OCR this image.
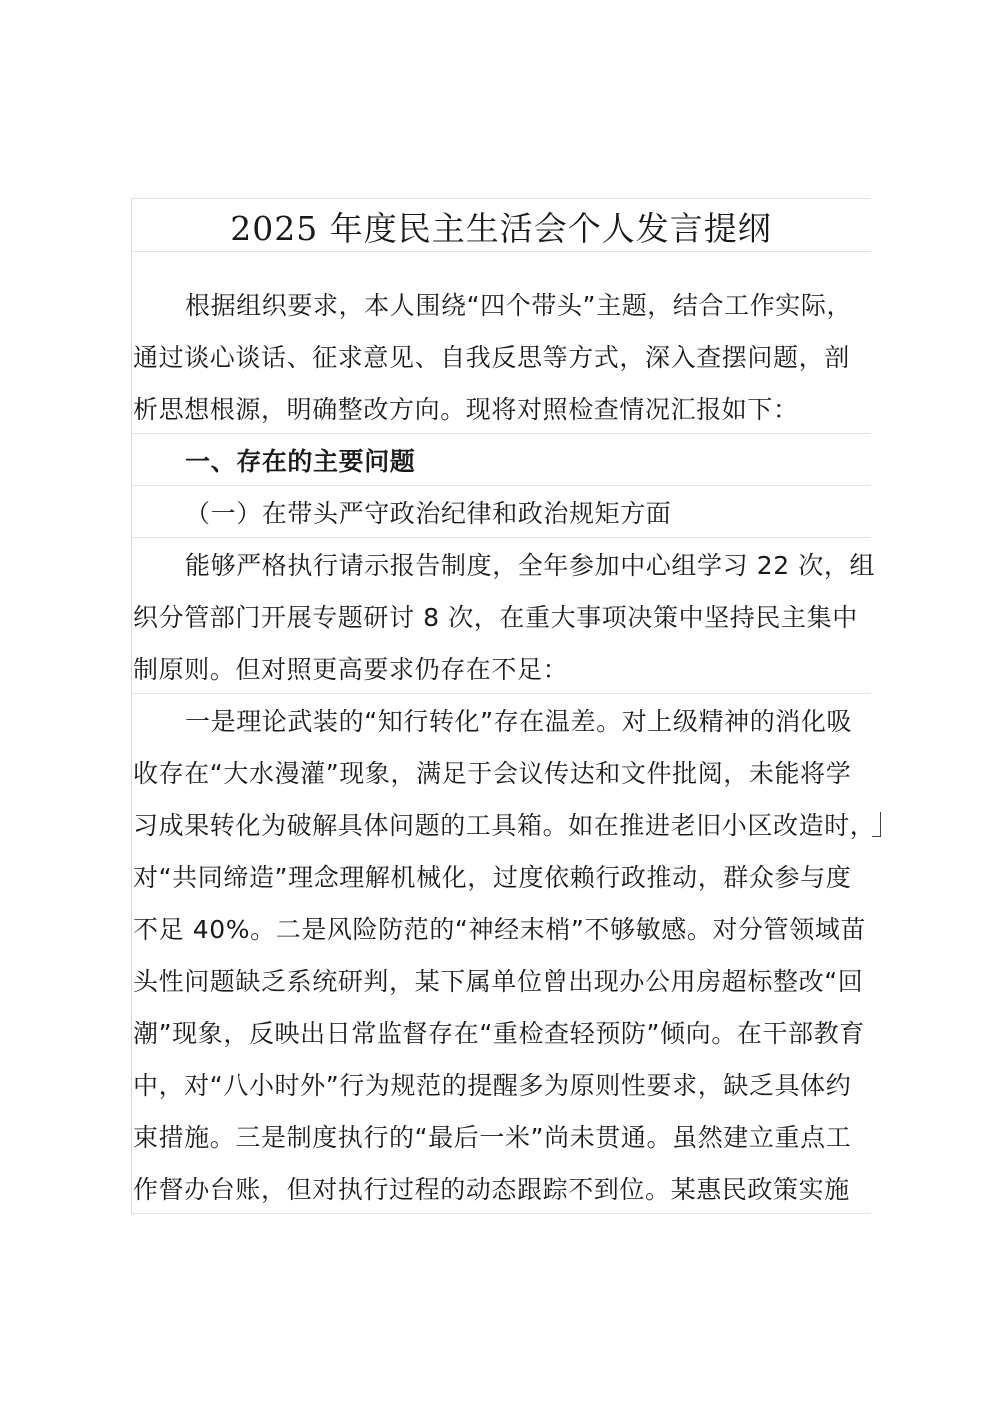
2025 年度民主生活会个人发言提纲
根据组织要求，本人围绕“四个带头”主题，结合工作实际，
通过谈心谈话、征求意见、自我反思等方式，深入查摆问题，剖
析思想根源，明确整改方向。现将对照检查情况汇报如下：
一、存在的主要问题
（一）在带头严守政治纪律和政治规矩方面
能够严格执行请示报告制度，全年参加中心组学习 22 次，组
织分管部门开展专题研讨 8 次，在重大事项决策中坚持民主集中
制原则。但对照更高要求仍存在不足：
一是理论武装的“知行转化”存在温差。对上级精神的消化吸
收存在“大水漫灌”现象，满足于会议传达和文件批阅，未能将学
习成果转化为破解具体问题的工具箱。如在推进老旧小区改造时，
对“共同缔造”理念理解机械化，过度依赖行政推动，群众参与度
不足 40%。二是风险防范的“神经末梢”不够敏感。对分管领域苗
头性问题缺乏系统研判，某下属单位曾出现办公用房超标整改“回
潮”现象，反映出日常监督存在“重检查轻预防”倾向。在干部教育
中，对“八小时外”行为规范的提醒多为原则性要求，缺乏具体约
束措施。三是制度执行的“最后一米”尚未贯通。虽然建立重点工
作督办台账，但对执行过程的动态跟踪不到位。某惠民政策实施
